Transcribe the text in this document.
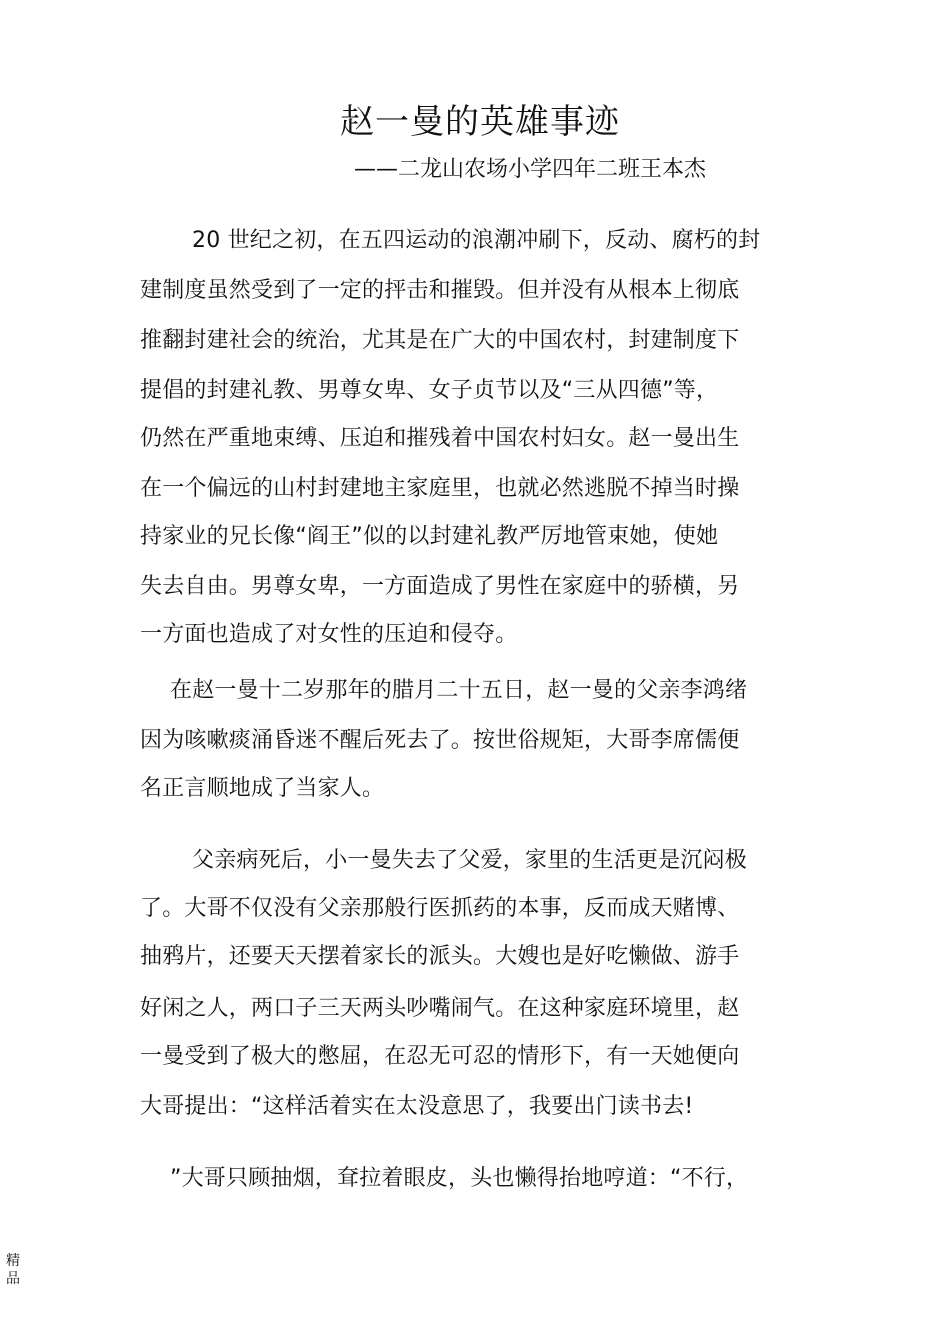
赵一曼的英雄事迹
——二龙山农场小学四年二班王本杰
20 世纪之初，在五四运动的浪潮冲刷下，反动、腐朽的封
建制度虽然受到了一定的抨击和摧毁。但并没有从根本上彻底
推翻封建社会的统治，尤其是在广大的中国农村，封建制度下
提倡的封建礼教、男尊女卑、女子贞节以及“三从四德”等，
仍然在严重地束缚、压迫和摧残着中国农村妇女。赵一曼出生
在一个偏远的山村封建地主家庭里，也就必然逃脱不掉当时操
持家业的兄长像“阎王”似的以封建礼教严厉地管束她，使她
失去自由。男尊女卑，一方面造成了男性在家庭中的骄横，另
一方面也造成了对女性的压迫和侵夺。
在赵一曼十二岁那年的腊月二十五日，赵一曼的父亲李鸿绪
因为咳嗽痰涌昏迷不醒后死去了。按世俗规矩，大哥李席儒便
名正言顺地成了当家人。
父亲病死后，小一曼失去了父爱，家里的生活更是沉闷极
了。大哥不仅没有父亲那般行医抓药的本事，反而成天赌博、
抽鸦片，还要天天摆着家长的派头。大嫂也是好吃懒做、游手
好闲之人，两口子三天两头吵嘴闹气。在这种家庭环境里，赵
一曼受到了极大的憋屈，在忍无可忍的情形下，有一天她便向
大哥提出：“这样活着实在太没意思了，我要出门读书去!
”大哥只顾抽烟，耷拉着眼皮，头也懒得抬地哼道：“不行，
精品
